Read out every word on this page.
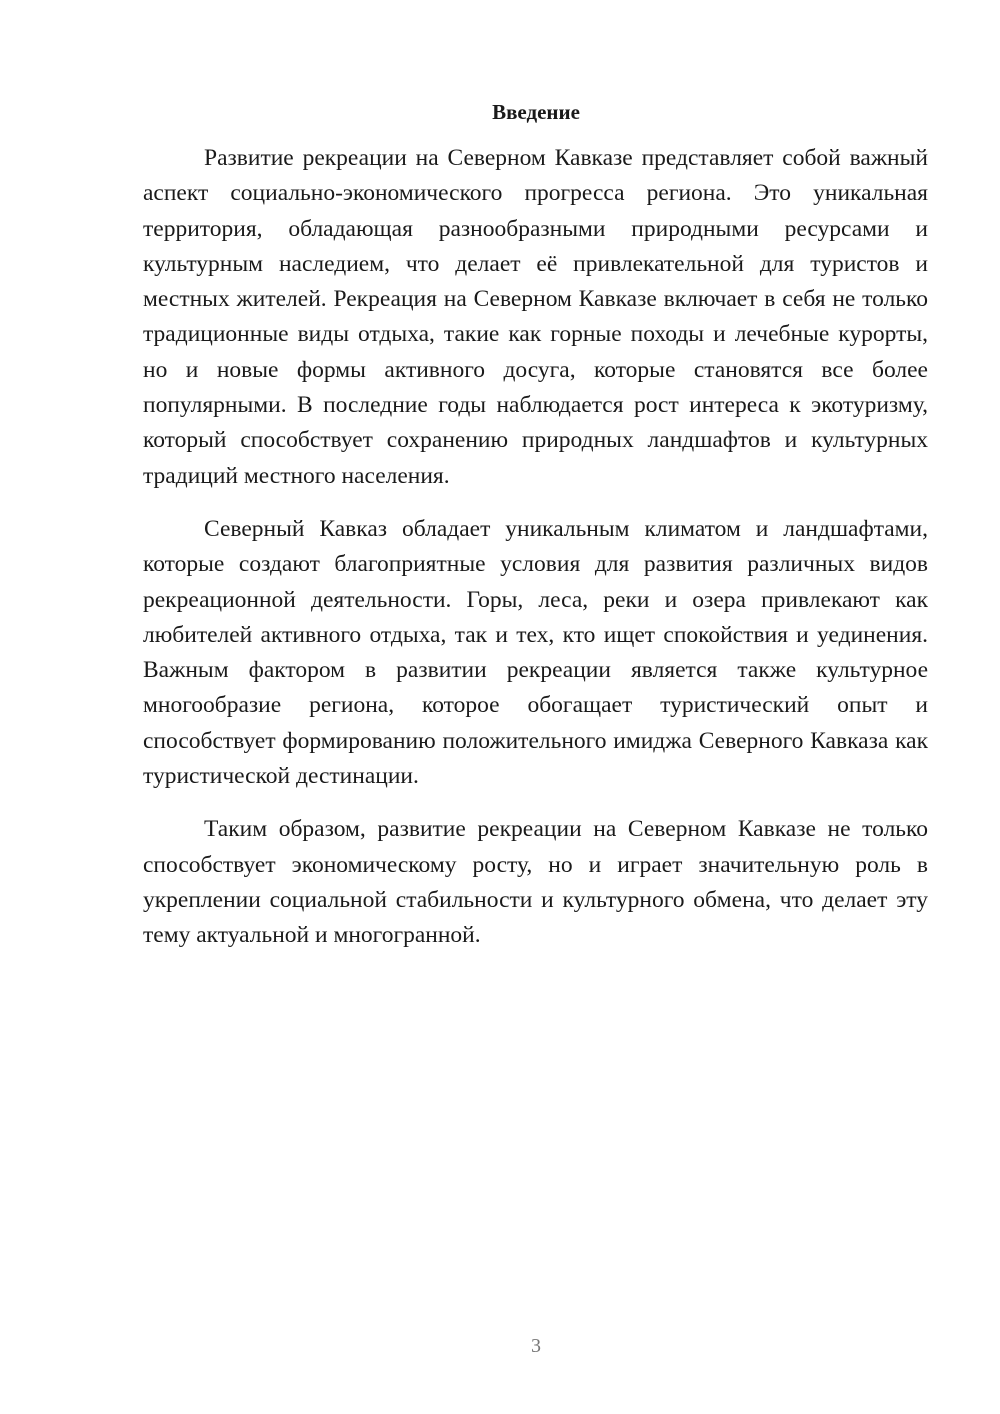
Введение

Развитие рекреации на Северном Кавказе представляет собой важный аспект социально-экономического прогресса региона. Это уникальная территория, обладающая разнообразными природными ресурсами и культурным наследием, что делает её привлекательной для туристов и местных жителей. Рекреация на Северном Кавказе включает в себя не только традиционные виды отдыха, такие как горные походы и лечебные курорты, но и новые формы активного досуга, которые становятся все более популярными. В последние годы наблюдается рост интереса к экотуризму, который способствует сохранению природных ландшафтов и культурных традиций местного населения.

Северный Кавказ обладает уникальным климатом и ландшафтами, которые создают благоприятные условия для развития различных видов рекреационной деятельности. Горы, леса, реки и озера привлекают как любителей активного отдыха, так и тех, кто ищет спокойствия и уединения. Важным фактором в развитии рекреации является также культурное многообразие региона, которое обогащает туристический опыт и способствует формированию положительного имиджа Северного Кавказа как туристической дестинации.

Таким образом, развитие рекреации на Северном Кавказе не только способствует экономическому росту, но и играет значительную роль в укреплении социальной стабильности и культурного обмена, что делает эту тему актуальной и многогранной.

3
